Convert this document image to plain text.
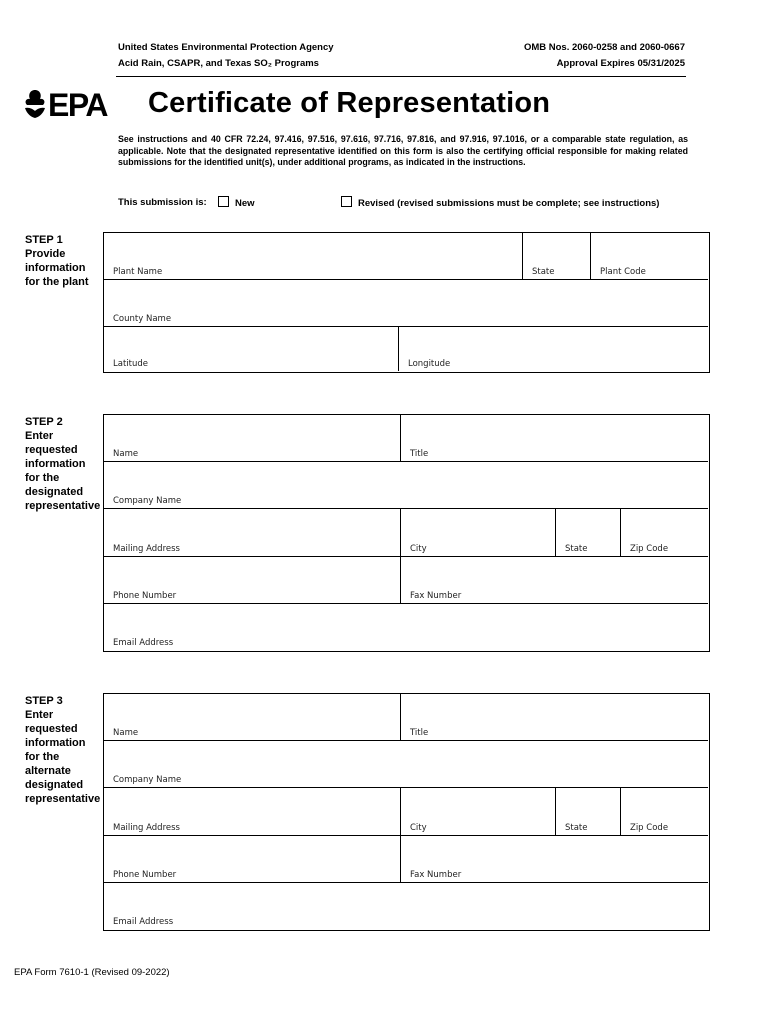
United States Environmental Protection Agency
Acid Rain, CSAPR, and Texas SO₂ Programs
OMB Nos. 2060-0258 and 2060-0667
Approval Expires 05/31/2025
EPA Certificate of Representation
See instructions and 40 CFR 72.24, 97.416, 97.516, 97.616, 97.716, 97.816, and 97.916, 97.1016, or a comparable state regulation, as applicable. Note that the designated representative identified on this form is also the certifying official responsible for making related submissions for the identified unit(s), under additional programs, as indicated in the instructions.
This submission is:	New	Revised (revised submissions must be complete; see instructions)
STEP 1
Provide
information
for the plant
Plant Name	State	Plant Code
County Name
Latitude	Longitude
STEP 2
Enter
requested
information
for the
designated
representative
Name	Title
Company Name
Mailing Address	City	State	Zip Code
Phone Number	Fax Number
Email Address
STEP 3
Enter
requested
information
for the
alternate
designated
representative
Name	Title
Company Name
Mailing Address	City	State	Zip Code
Phone Number	Fax Number
Email Address
EPA Form 7610-1 (Revised 09-2022)
